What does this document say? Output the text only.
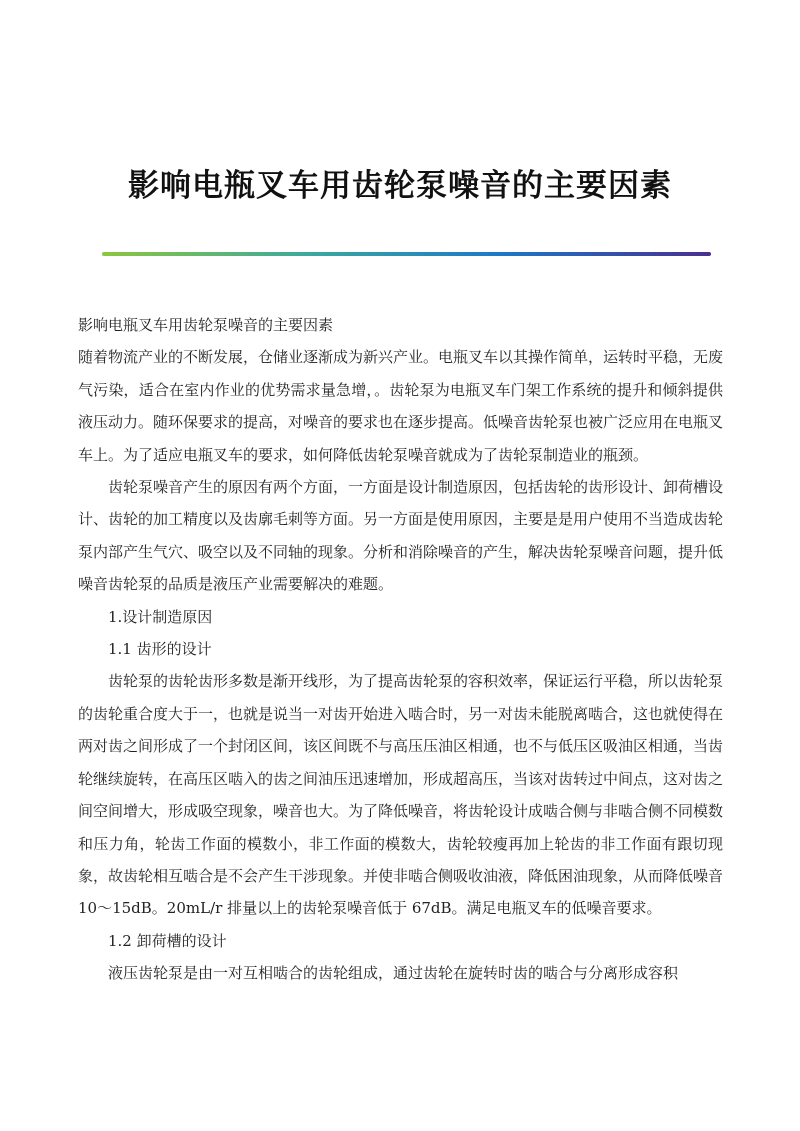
影响电瓶叉车用齿轮泵噪音的主要因素

影响电瓶叉车用齿轮泵噪音的主要因素

随着物流产业的不断发展，仓储业逐渐成为新兴产业。电瓶叉车以其操作简单，运转时平稳，无废气污染，适合在室内作业的优势需求量急增，。齿轮泵为电瓶叉车门架工作系统的提升和倾斜提供液压动力。随环保要求的提高，对噪音的要求也在逐步提高。低噪音齿轮泵也被广泛应用在电瓶叉车上。为了适应电瓶叉车的要求，如何降低齿轮泵噪音就成为了齿轮泵制造业的瓶颈。

齿轮泵噪音产生的原因有两个方面，一方面是设计制造原因，包括齿轮的齿形设计、卸荷槽设计、齿轮的加工精度以及齿廓毛刺等方面。另一方面是使用原因，主要是是用户使用不当造成齿轮泵内部产生气穴、吸空以及不同轴的现象。分析和消除噪音的产生，解决齿轮泵噪音问题，提升低噪音齿轮泵的品质是液压产业需要解决的难题。

1.设计制造原因

1.1 齿形的设计

齿轮泵的齿轮齿形多数是渐开线形，为了提高齿轮泵的容积效率，保证运行平稳，所以齿轮泵的齿轮重合度大于一，也就是说当一对齿开始进入啮合时，另一对齿未能脱离啮合，这也就使得在两对齿之间形成了一个封闭区间，该区间既不与高压压油区相通，也不与低压区吸油区相通，当齿轮继续旋转，在高压区啮入的齿之间油压迅速增加，形成超高压，当该对齿转过中间点，这对齿之间空间增大，形成吸空现象，噪音也大。为了降低噪音，将齿轮设计成啮合侧与非啮合侧不同模数和压力角，轮齿工作面的模数小，非工作面的模数大，齿轮较瘦再加上轮齿的非工作面有跟切现象，故齿轮相互啮合是不会产生干涉现象。并使非啮合侧吸收油液，降低困油现象，从而降低噪音 10～15dB。20mL/r 排量以上的齿轮泵噪音低于 67dB。满足电瓶叉车的低噪音要求。

1.2 卸荷槽的设计

液压齿轮泵是由一对互相啮合的齿轮组成，通过齿轮在旋转时齿的啮合与分离形成容积
